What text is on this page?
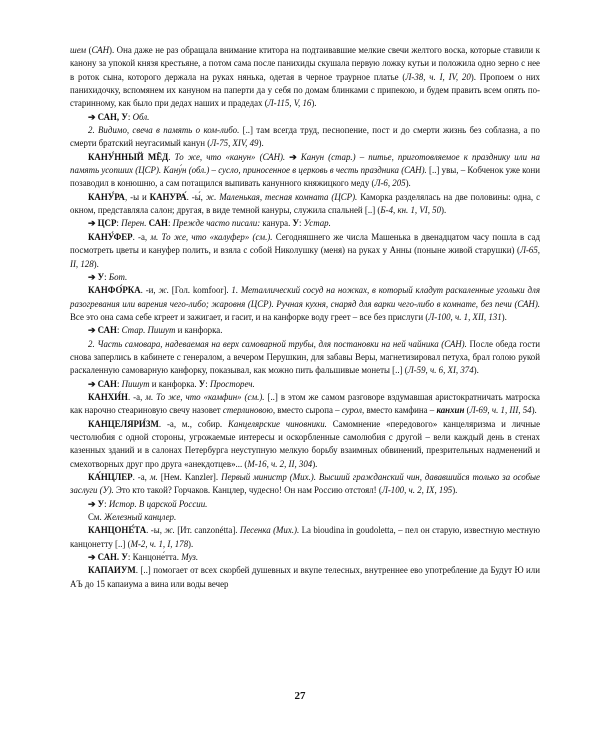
шем (САН). Она даже не раз обращала внимание ктитора на подтаивавшие мелкие свечи желтого воска, которые ставили к канону за упокой князя крестьяне, а потом сама после панихиды скушала первую ложку кутьи и положила одно зерно с нее в роток сына, которого держала на руках нянька, одетая в черное траурное платье (Л-38, ч. I, IV, 20). Пропоем о них панихидочку, вспомянем их кануном на паперти да у себя по домам блинками с припекою, и будем править всем опять по-старинному, как было при дедах наших и прадедах (Л-115, V, 16).

➔ САН, У: Обл.

2. Видимо, свеча в память о ком-либо. [..] там всегда труд, песнопение, пост и до смерти жизнь без соблазна, а по смерти братский неугасимый канун (Л-75, XIV, 49).

КАНУ́ННЫЙ МЁД. То же, что «канун» (САН). ➔ Канун (стар.) – питье, приготовляемое к празднику или на память усопших (ЦСР). Кану́н (обл.) – сусло, приносенное в церковь в честь праздника (САН). [..] увы, – Кобченок уже кони позаводил в конюшню, а сам потащился выпивать канунного княжицкого меду (Л-6, 205).

КАНУ́РА, -ы и КАНУРА́. -ы́, ж. Маленькая, тесная комната (ЦСР). Каморка разделялась на две половины: одна, с окном, представляла салон; другая, в виде темной кануры, служила спальней [..] (Б-4, кн. 1, VI, 50).

➔ ЦСР: Перен. САН: Прежде часто писали: канура. У: Устар.

КАНУ́ФЕР. -а, м. То же, что «калуфер» (см.). Сегодняшнего же числа Машенька в двенадцатом часу пошла в сад посмотреть цветы и кануфер полить, и взяла с собой Николушку (меня) на руках у Анны (поныне живой старушки) (Л-65, II, 128).

➔ У: Бот.

КАНФО́РКА. -и, ж. [Гол. komfoor]. 1. Металлический сосуд на ножках, в который кладут раскаленные угольки для разогревания или варения чего-либо; жаровня (ЦСР). Ручная кухня, снаряд для варки чего-либо в комнате, без печи (САН). Все это она сама себе кгреет и зажигает, и гасит, и на канфорке воду греет – все без прислуги (Л-100, ч. 1, XII, 131).

➔ САН: Стар. Пишут и канфорка.

2. Часть самовара, надеваемая на верх самоварной трубы, для постановки на ней чайника (САН). После обеда гости снова заперлись в кабинете с генералом, а вечером Перушкин, для забавы Веры, магнетизировал петуха, брал голою рукой раскаленную самоварную канфорку, показывал, как можно пить фальшивые монеты [..] (Л-59, ч. 6, XI, 374).

➔ САН: Пишут и канфорка. У: Простореч.

КАНХИ́Н. -а, м. То же, что «камфин» (см.). [..] в этом же самом разговоре вздумавшая аристократничать матроска как нарочно стеариновую свечу назовет стерлиновою, вместо сыропа – сурол, вместо камфина – канхин (Л-69, ч. 1, III, 54).

КАНЦЕЛЯРИ́ЗМ. -а, м., собир. Канцелярские чиновники. Самомнение «передового» канцеляризма и личные честолюбия с одной стороны, угрожаемые интересы и оскорбленные самолюбия с другой – вели каждый день в стенах казенных зданий и в салонах Петербурга неуступную мелкую борьбу взаимных обвинений, презрительных надменений и смехотворных друг про друга «анекдотцев»... (М-16, ч. 2, II, 304).

КА́НЦЛЕР. -а, м. [Нем. Kanzler]. Первый министр (Мих.). Высший гражданский чин, дававшийся только за особые заслуги (У). Это кто такой? Горчаков. Канцлер, чудесно! Он нам Россию отстоял! (Л-100, ч. 2, IX, 195).

➔ У: Истор. В царской России.

См. Железный канцлер.

КАНЦОНЕ́ТА. -ы, ж. [Ит. canzonétta]. Песенка (Мих.). La bioudina in goudoletta, – пел он старую, известную местную канцонетту [..] (М-2, ч. 1, I, 178).

➔ САН. У: Канцоне́тта. Муз.

КАПАИУМ. [..] помогает от всех скорбей душевных и вкупе телесных, внутреннее ево употребление да Будут Ю или АЪ до 15 капаиума а вина или воды вечер

27
